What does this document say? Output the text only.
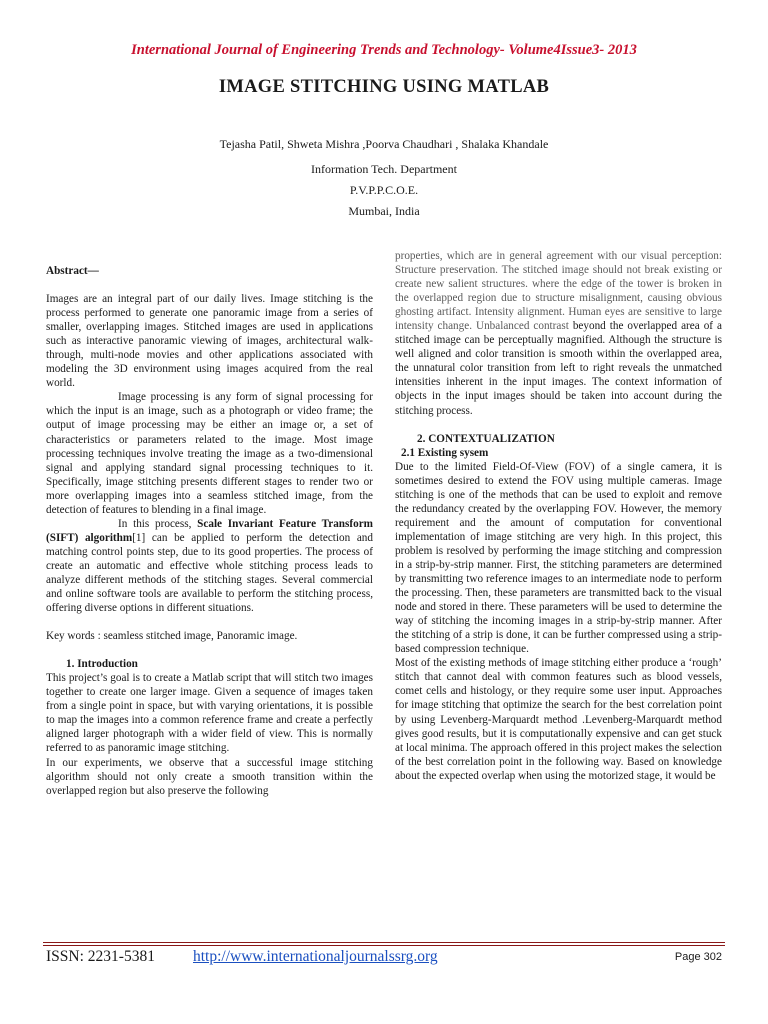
International Journal of Engineering Trends and Technology- Volume4Issue3- 2013
IMAGE STITCHING USING MATLAB
Tejasha Patil, Shweta Mishra ,Poorva Chaudhari , Shalaka Khandale
Information Tech. Department
P.V.P.P.C.O.E.
Mumbai, India

Abstract—

Images are an integral part of our daily lives. Image stitching is the process performed to generate one panoramic image from a series of smaller, overlapping images. Stitched images are used in applications such as interactive panoramic viewing of images, architectural walk-through, multi-node movies and other applications associated with modeling the 3D environment using images acquired from the real world.

Image processing is any form of signal processing for which the input is an image, such as a photograph or video frame; the output of image processing may be either an image or, a set of characteristics or parameters related to the image. Most image processing techniques involve treating the image as a two-dimensional signal and applying standard signal processing techniques to it. Specifically, image stitching presents different stages to render two or more overlapping images into a seamless stitched image, from the detection of features to blending in a final image.

In this process, Scale Invariant Feature Transform (SIFT) algorithm[1] can be applied to perform the detection and matching control points step, due to its good properties. The process of create an automatic and effective whole stitching process leads to analyze different methods of the stitching stages. Several commercial and online software tools are available to perform the stitching process, offering diverse options in different situations.

Key words : seamless stitched image, Panoramic image.

1. Introduction

This project’s goal is to create a Matlab script that will stitch two images together to create one larger image. Given a sequence of images taken from a single point in space, but with varying orientations, it is possible to map the images into a common reference frame and create a perfectly aligned larger photograph with a wider field of view. This is normally referred to as panoramic image stitching.

In our experiments, we observe that a successful image stitching algorithm should not only create a smooth transition within the overlapped region but also preserve the following

properties, which are in general agreement with our visual perception: Structure preservation. The stitched image should not break existing or create new salient structures. where the edge of the tower is broken in the overlapped region due to structure misalignment, causing obvious ghosting artifact. Intensity alignment. Human eyes are sensitive to large intensity change. Unbalanced contrast beyond the overlapped area of a stitched image can be perceptually magnified. Although the structure is well aligned and color transition is smooth within the overlapped area, the unnatural color transition from left to right reveals the unmatched intensities inherent in the input images. The context information of objects in the input images should be taken into account during the stitching process.

2. CONTEXTUALIZATION

2.1 Existing sysem

Due to the limited Field-Of-View (FOV) of a single camera, it is sometimes desired to extend the FOV using multiple cameras. Image stitching is one of the methods that can be used to exploit and remove the redundancy created by the overlapping FOV. However, the memory requirement and the amount of computation for conventional implementation of image stitching are very high. In this project, this problem is resolved by performing the image stitching and compression in a strip-by-strip manner. First, the stitching parameters are determined by transmitting two reference images to an intermediate node to perform the processing. Then, these parameters are transmitted back to the visual node and stored in there. These parameters will be used to determine the way of stitching the incoming images in a strip-by-strip manner. After the stitching of a strip is done, it can be further compressed using a strip-based compression technique.

Most of the existing methods of image stitching either produce a ‘rough’ stitch that cannot deal with common features such as blood vessels, comet cells and histology, or they require some user input. Approaches for image stitching that optimize the search for the best correlation point by using Levenberg-Marquardt method .Levenberg-Marquardt method gives good results, but it is computationally expensive and can get stuck at local minima. The approach offered in this project makes the selection of the best correlation point in the following way. Based on knowledge about the expected overlap when using the motorized stage, it would be

ISSN: 2231-5381 http://www.internationaljournalssrg.org	Page 302
